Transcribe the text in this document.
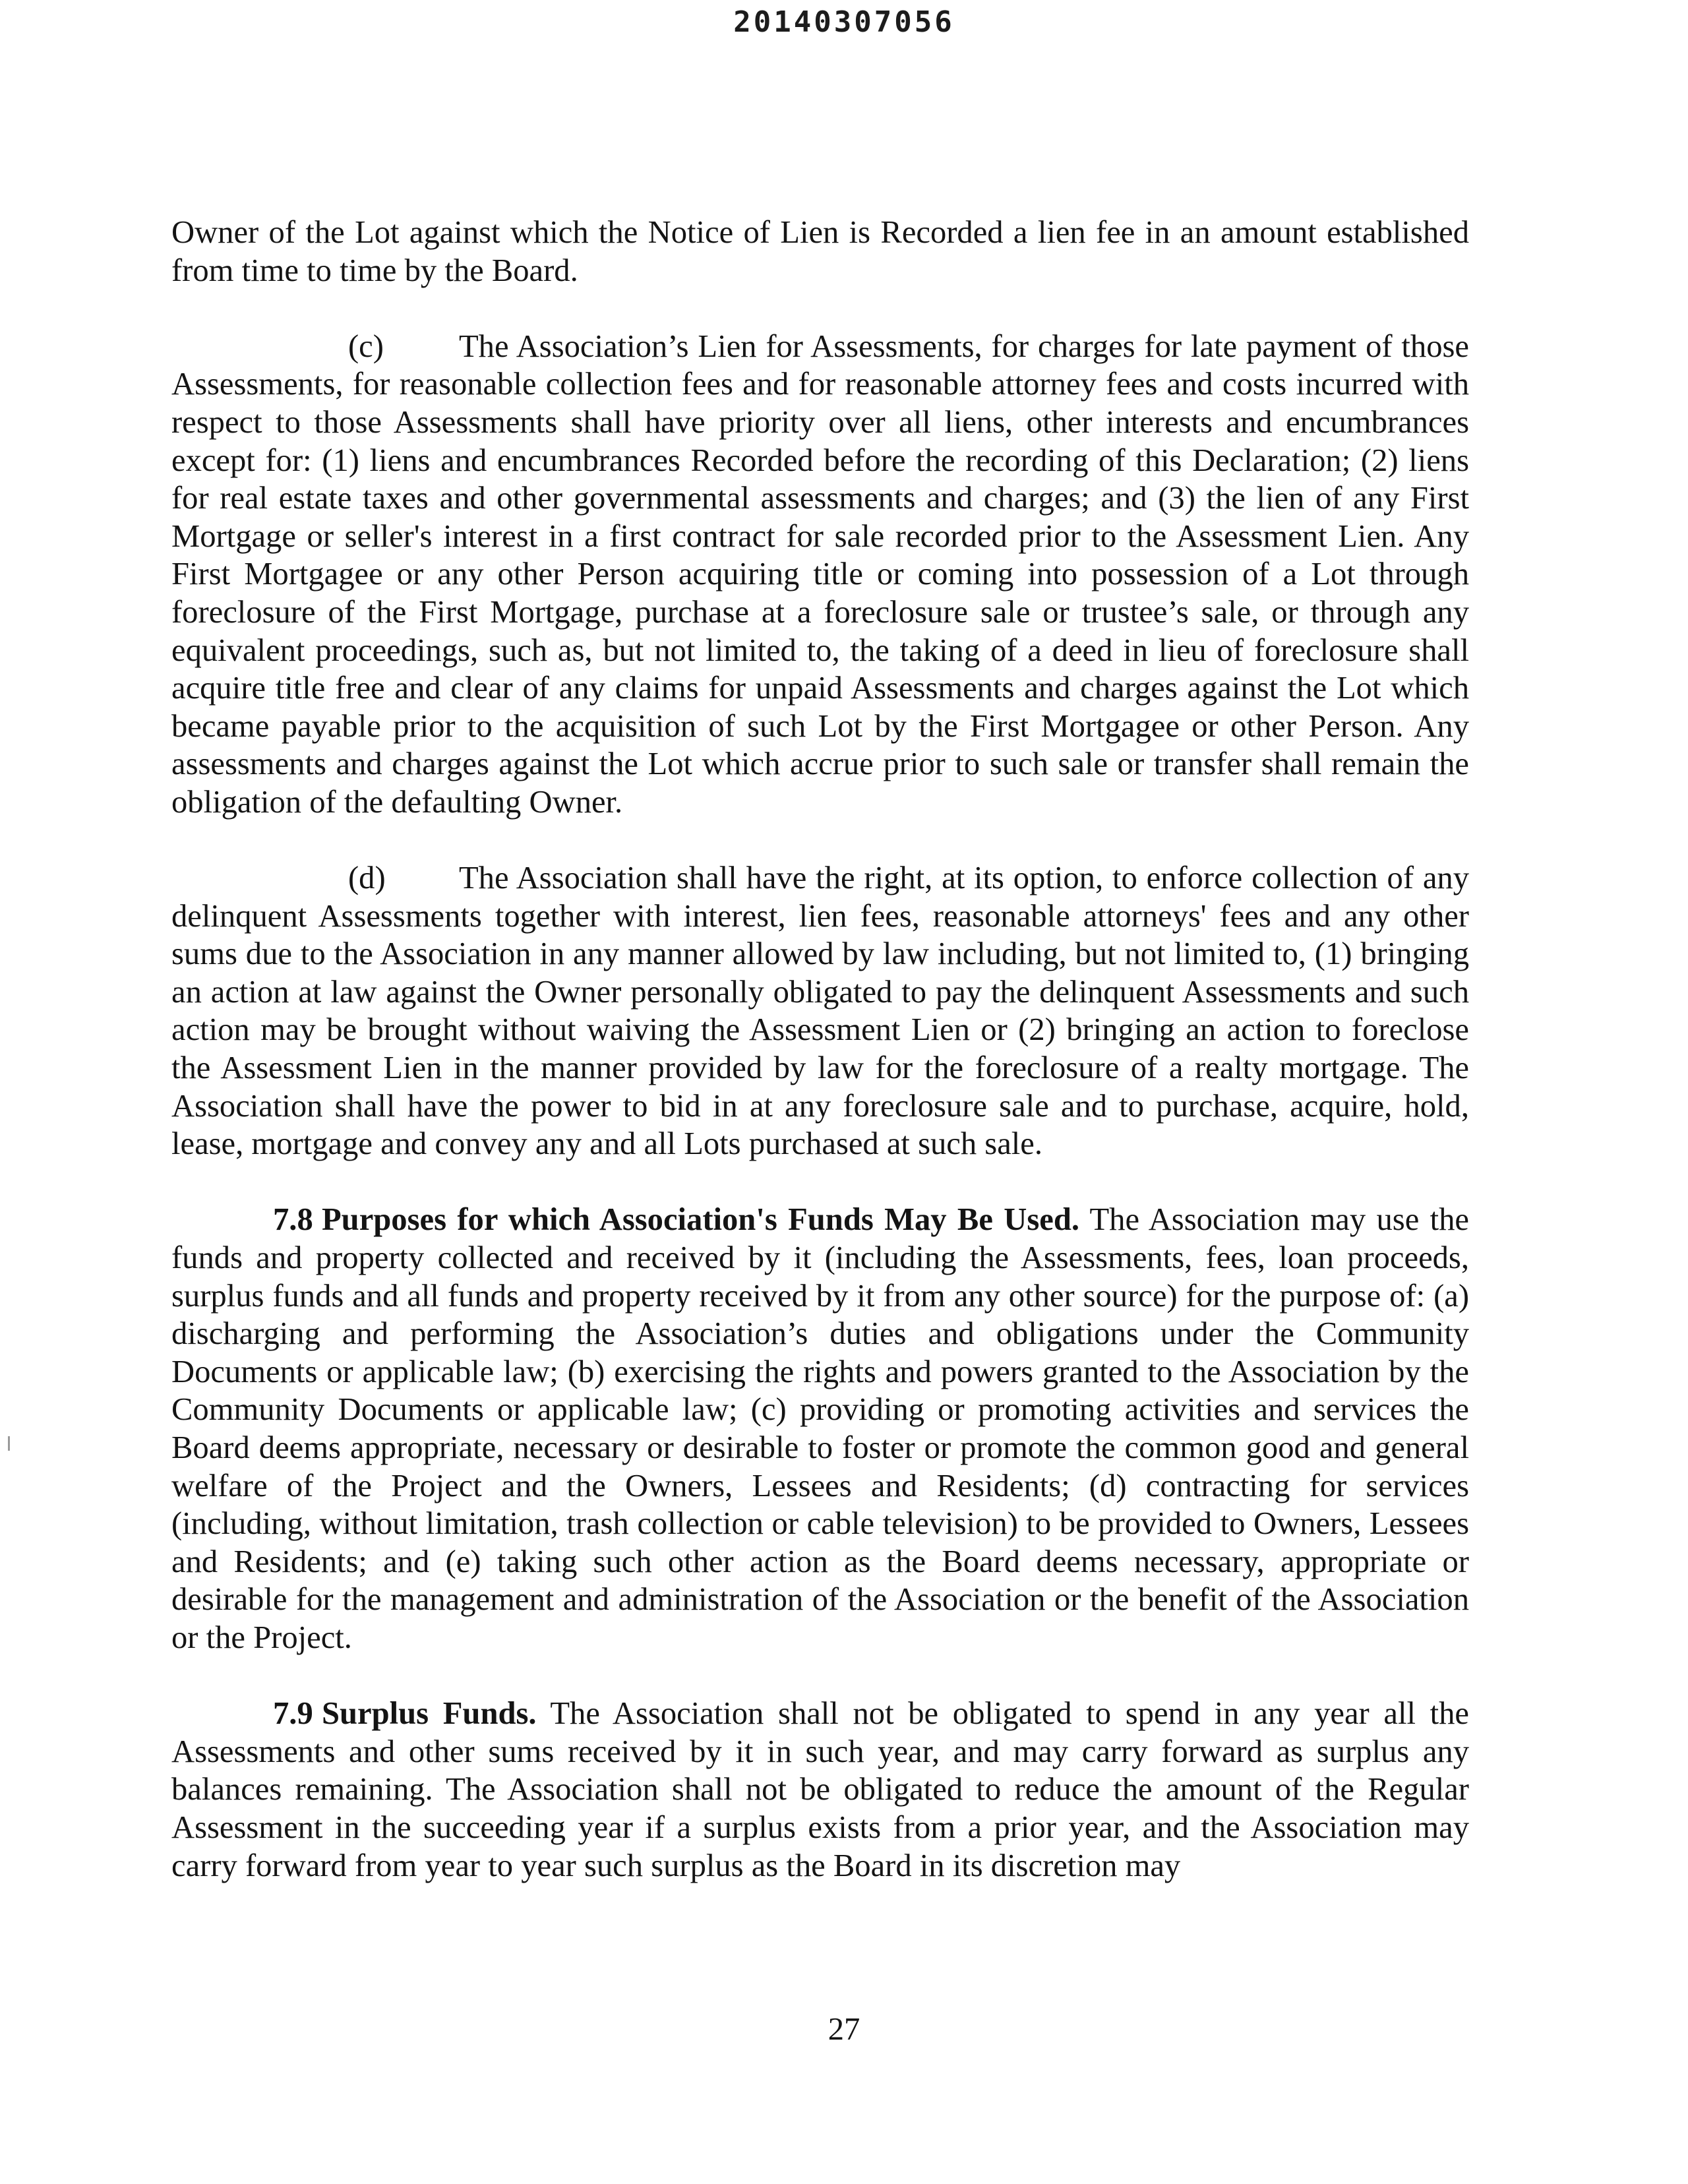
20140307056

Owner of the Lot against which the Notice of Lien is Recorded a lien fee in an amount established from time to time by the Board.

(c) The Association’s Lien for Assessments, for charges for late payment of those Assessments, for reasonable collection fees and for reasonable attorney fees and costs incurred with respect to those Assessments shall have priority over all liens, other interests and encumbrances except for: (1) liens and encumbrances Recorded before the recording of this Declaration; (2) liens for real estate taxes and other governmental assessments and charges; and (3) the lien of any First Mortgage or seller's interest in a first contract for sale recorded prior to the Assessment Lien. Any First Mortgagee or any other Person acquiring title or coming into possession of a Lot through foreclosure of the First Mortgage, purchase at a foreclosure sale or trustee’s sale, or through any equivalent proceedings, such as, but not limited to, the taking of a deed in lieu of foreclosure shall acquire title free and clear of any claims for unpaid Assessments and charges against the Lot which became payable prior to the acquisition of such Lot by the First Mortgagee or other Person. Any assessments and charges against the Lot which accrue prior to such sale or transfer shall remain the obligation of the defaulting Owner.

(d) The Association shall have the right, at its option, to enforce collection of any delinquent Assessments together with interest, lien fees, reasonable attorneys' fees and any other sums due to the Association in any manner allowed by law including, but not limited to, (1) bringing an action at law against the Owner personally obligated to pay the delinquent Assessments and such action may be brought without waiving the Assessment Lien or (2) bringing an action to foreclose the Assessment Lien in the manner provided by law for the foreclosure of a realty mortgage. The Association shall have the power to bid in at any foreclosure sale and to purchase, acquire, hold, lease, mortgage and convey any and all Lots purchased at such sale.

7.8 Purposes for which Association's Funds May Be Used. The Association may use the funds and property collected and received by it (including the Assessments, fees, loan proceeds, surplus funds and all funds and property received by it from any other source) for the purpose of: (a) discharging and performing the Association’s duties and obligations under the Community Documents or applicable law; (b) exercising the rights and powers granted to the Association by the Community Documents or applicable law; (c) providing or promoting activities and services the Board deems appropriate, necessary or desirable to foster or promote the common good and general welfare of the Project and the Owners, Lessees and Residents; (d) contracting for services (including, without limitation, trash collection or cable television) to be provided to Owners, Lessees and Residents; and (e) taking such other action as the Board deems necessary, appropriate or desirable for the management and administration of the Association or the benefit of the Association or the Project.

7.9 Surplus Funds. The Association shall not be obligated to spend in any year all the Assessments and other sums received by it in such year, and may carry forward as surplus any balances remaining. The Association shall not be obligated to reduce the amount of the Regular Assessment in the succeeding year if a surplus exists from a prior year, and the Association may carry forward from year to year such surplus as the Board in its discretion may

27
